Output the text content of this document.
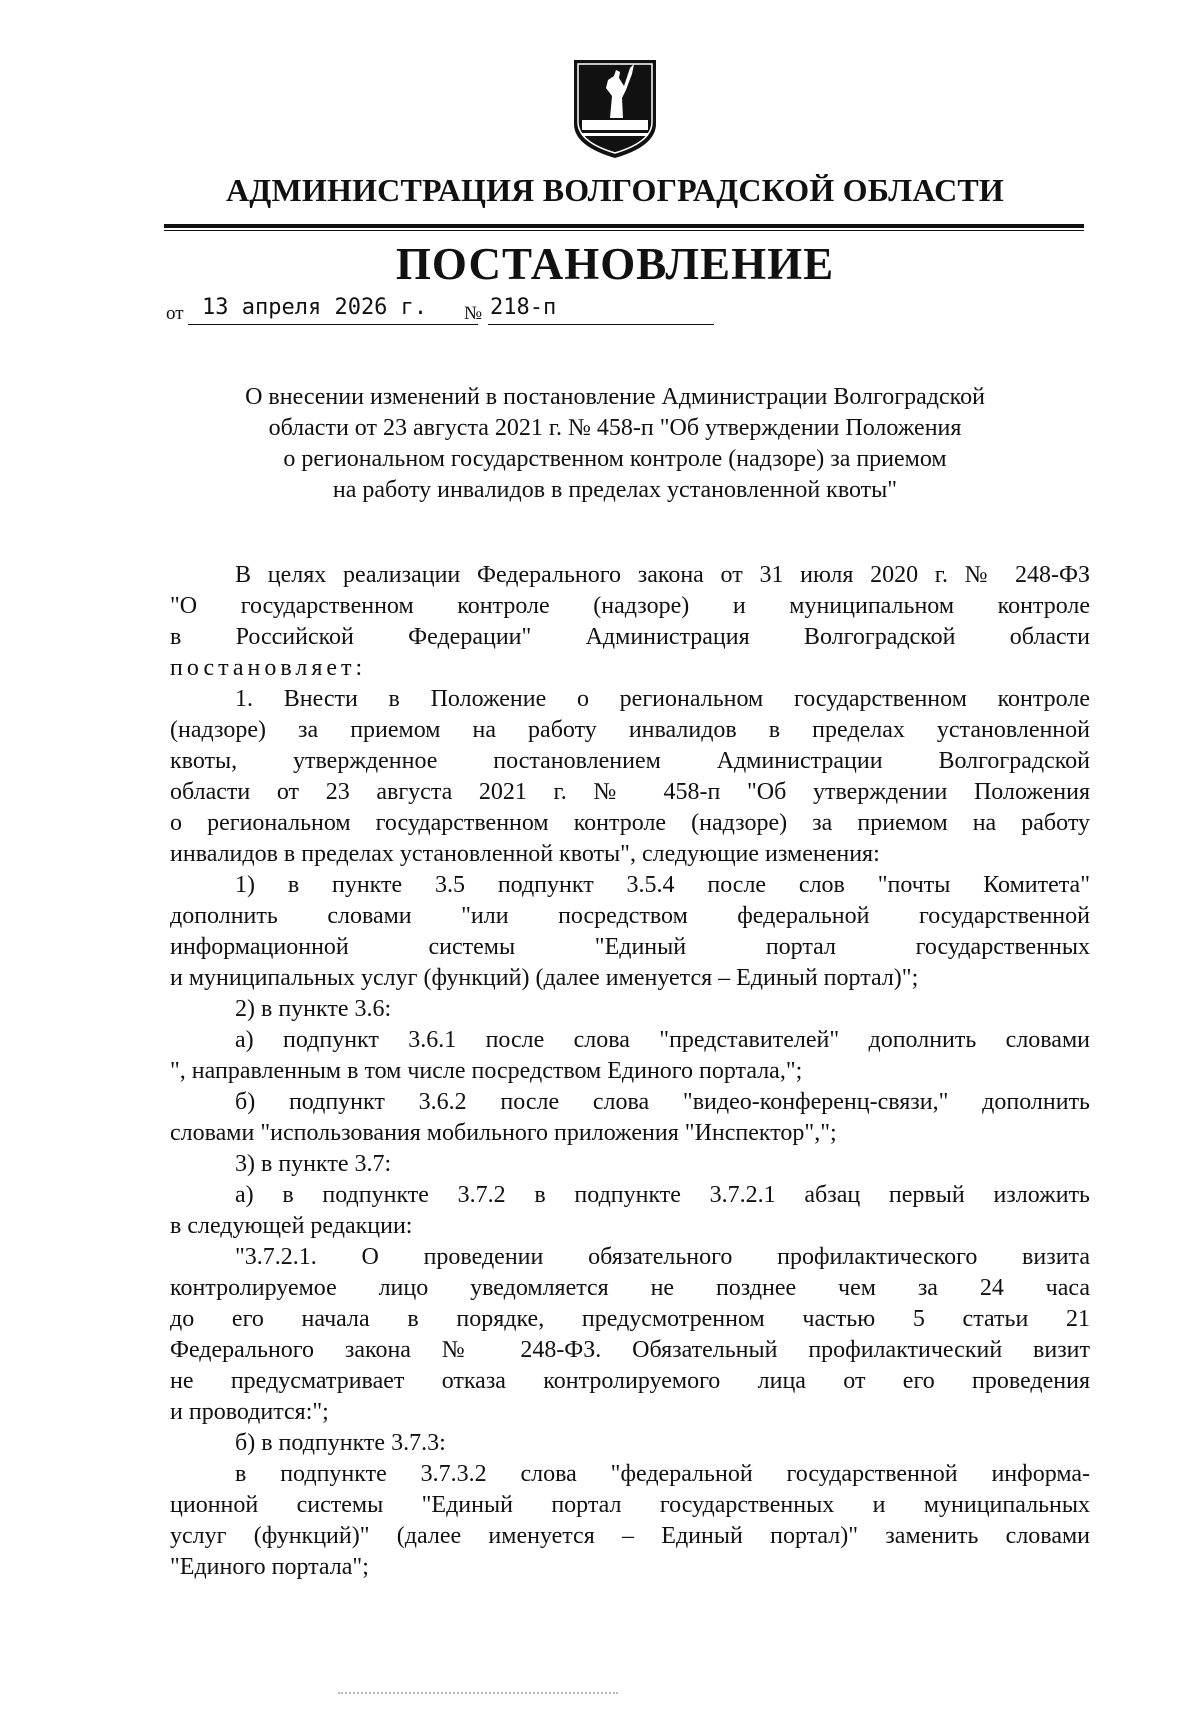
АДМИНИСТРАЦИЯ ВОЛГОГРАДСКОЙ ОБЛАСТИ
ПОСТАНОВЛЕНИЕ
от 13 апреля 2026 г. № 218-п
О внесении изменений в постановление Администрации Волгоградской
области от 23 августа 2021 г. № 458-п "Об утверждении Положения
о региональном государственном контроле (надзоре) за приемом
на работу инвалидов в пределах установленной квоты"
В целях реализации Федерального закона от 31 июля 2020 г. № 248-ФЗ
"О государственном контроле (надзоре) и муниципальном контроле
в Российской Федерации" Администрация Волгоградской области
постановляет:
1. Внести в Положение о региональном государственном контроле
(надзоре) за приемом на работу инвалидов в пределах установленной
квоты, утвержденное постановлением Администрации Волгоградской
области от 23 августа 2021 г. № 458-п "Об утверждении Положения
о региональном государственном контроле (надзоре) за приемом на работу
инвалидов в пределах установленной квоты", следующие изменения:
1) в пункте 3.5 подпункт 3.5.4 после слов "почты Комитета"
дополнить словами "или посредством федеральной государственной
информационной системы "Единый портал государственных
и муниципальных услуг (функций) (далее именуется – Единый портал)";
2) в пункте 3.6:
а) подпункт 3.6.1 после слова "представителей" дополнить словами
", направленным в том числе посредством Единого портала,";
б) подпункт 3.6.2 после слова "видео-конференц-связи," дополнить
словами "использования мобильного приложения "Инспектор",";
3) в пункте 3.7:
а) в подпункте 3.7.2 в подпункте 3.7.2.1 абзац первый изложить
в следующей редакции:
"3.7.2.1. О проведении обязательного профилактического визита
контролируемое лицо уведомляется не позднее чем за 24 часа
до его начала в порядке, предусмотренном частью 5 статьи 21
Федерального закона № 248-ФЗ. Обязательный профилактический визит
не предусматривает отказа контролируемого лица от его проведения
и проводится:";
б) в подпункте 3.7.3:
в подпункте 3.7.3.2 слова "федеральной государственной информа-
ционной системы "Единый портал государственных и муниципальных
услуг (функций)" (далее именуется – Единый портал)" заменить словами
"Единого портала";
